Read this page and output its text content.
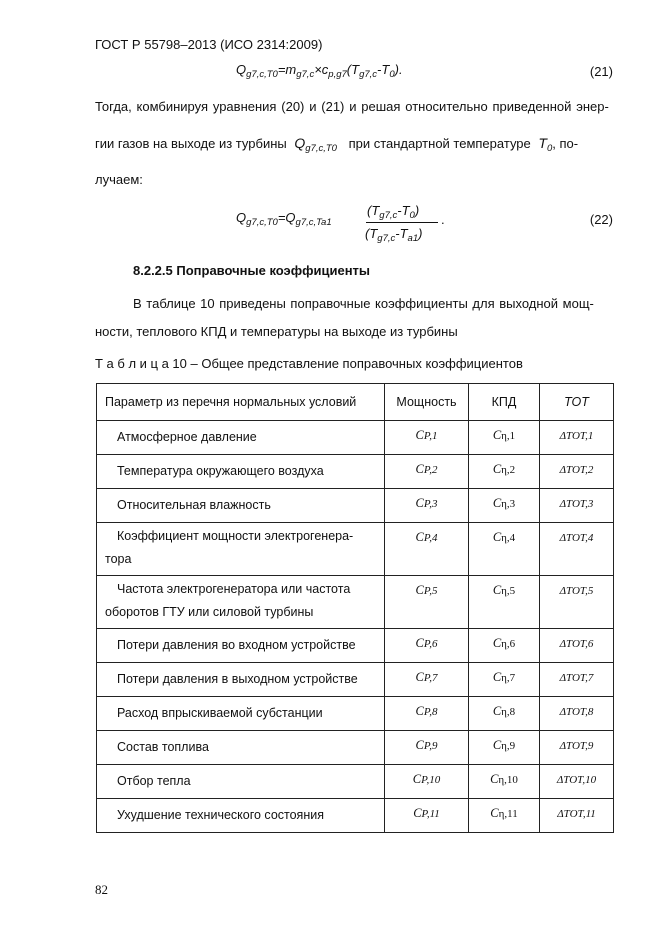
ГОСТ Р 55798–2013 (ИСО 2314:2009)
$Q_{g7,c,T0}=m_{g7,c}\times c_{p,g7}(T_{g7,c}-T_0)$.	(21)
Тогда, комбинируя уравнения (20) и (21) и решая относительно приведенной энер-
гии газов на выходе из турбины $Q_{g7,c,T0}$ при стандартной температуре $T_0$, по-
лучаем:
$Q_{g7,c,T0}=Q_{g7,c,Ta1}$
$(T_{g7,c}-T_0)$
$(T_{g7,c}-T_{a1})$
.	(22)
8.2.2.5 Поправочные коэффициенты
В таблице 10 приведены поправочные коэффициенты для выходной мощ-
ности, теплового КПД и температуры на выходе из турбины
Т а б л и ц а 10 – Общее представление поправочных коэффициентов
Параметр из перечня нормальных условий	Мощность	КПД	ТОТ
Атмосферное давление	CP,1	Cη,1	ΔTOT,1
Температура окружающего воздуха	CP,2	Cη,2	ΔTOT,2
Относительная влажность	CP,3	Cη,3	ΔTOT,3

Коэффициент мощности электрогенера-
тора	CP,4	Cη,4	ΔTOT,4

Частота электрогенератора или частота
оборотов ГТУ или силовой турбины	CP,5	Cη,5	ΔTOT,5
Потери давления во входном устройстве	CP,6	Cη,6	ΔTOT,6
Потери давления в выходном устройстве	CP,7	Cη,7	ΔTOT,7
Расход впрыскиваемой субстанции	CP,8	Cη,8	ΔTOT,8
Состав топлива	CP,9	Cη,9	ΔTOT,9
Отбор тепла	CP,10	Cη,10	ΔTOT,10
Ухудшение технического состояния	CP,11	Cη,11	ΔTOT,11
82
